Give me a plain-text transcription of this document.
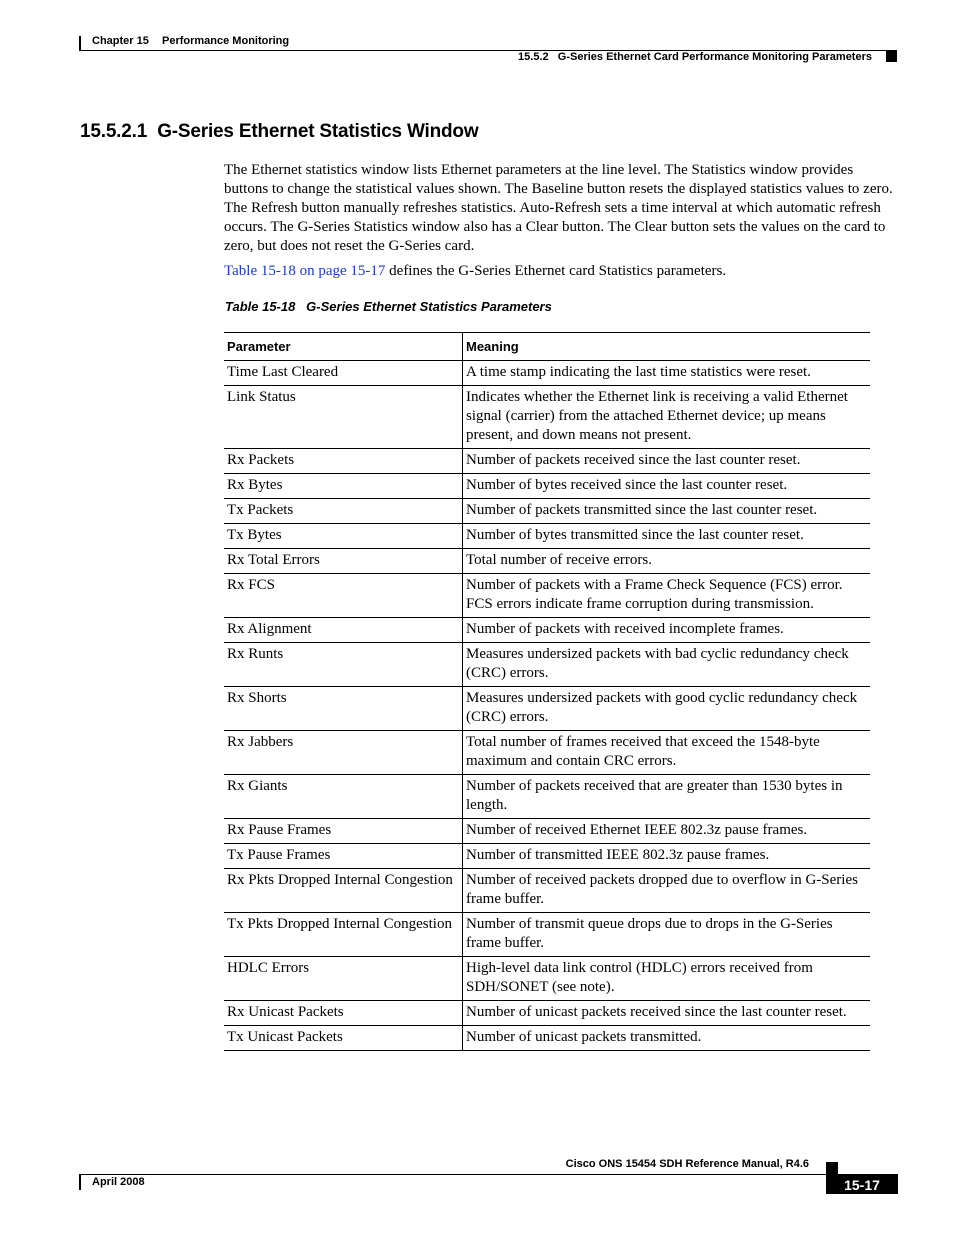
Chapter 15 Performance Monitoring
15.5.2   G-Series Ethernet Card Performance Monitoring Parameters
15.5.2.1  G-Series Ethernet Statistics Window
The Ethernet statistics window lists Ethernet parameters at the line level. The Statistics window provides buttons to change the statistical values shown. The Baseline button resets the displayed statistics values to zero. The Refresh button manually refreshes statistics. Auto-Refresh sets a time interval at which automatic refresh occurs. The G-Series Statistics window also has a Clear button. The Clear button sets the values on the card to zero, but does not reset the G-Series card.
Table 15-18 on page 15-17 defines the G-Series Ethernet card Statistics parameters.
Table 15-18   G-Series Ethernet Statistics Parameters
Parameter	Meaning
Time Last Cleared	A time stamp indicating the last time statistics were reset.
Link Status	Indicates whether the Ethernet link is receiving a valid Ethernet signal (carrier) from the attached Ethernet device; up means present, and down means not present.
Rx Packets	Number of packets received since the last counter reset.
Rx Bytes	Number of bytes received since the last counter reset.
Tx Packets	Number of packets transmitted since the last counter reset.
Tx Bytes	Number of bytes transmitted since the last counter reset.
Rx Total Errors	Total number of receive errors.
Rx FCS	Number of packets with a Frame Check Sequence (FCS) error. FCS errors indicate frame corruption during transmission.
Rx Alignment	Number of packets with received incomplete frames.
Rx Runts	Measures undersized packets with bad cyclic redundancy check (CRC) errors.
Rx Shorts	Measures undersized packets with good cyclic redundancy check (CRC) errors.
Rx Jabbers	Total number of frames received that exceed the 1548-byte maximum and contain CRC errors.
Rx Giants	Number of packets received that are greater than 1530 bytes in length.
Rx Pause Frames	Number of received Ethernet IEEE 802.3z pause frames.
Tx Pause Frames	Number of transmitted IEEE 802.3z pause frames.
Rx Pkts Dropped Internal Congestion	Number of received packets dropped due to overflow in G-Series frame buffer.
Tx Pkts Dropped Internal Congestion	Number of transmit queue drops due to drops in the G-Series frame buffer.
HDLC Errors	High-level data link control (HDLC) errors received from SDH/SONET (see note).
Rx Unicast Packets	Number of unicast packets received since the last counter reset.
Tx Unicast Packets	Number of unicast packets transmitted.
Cisco ONS 15454 SDH Reference Manual, R4.6
April 2008	15-17
